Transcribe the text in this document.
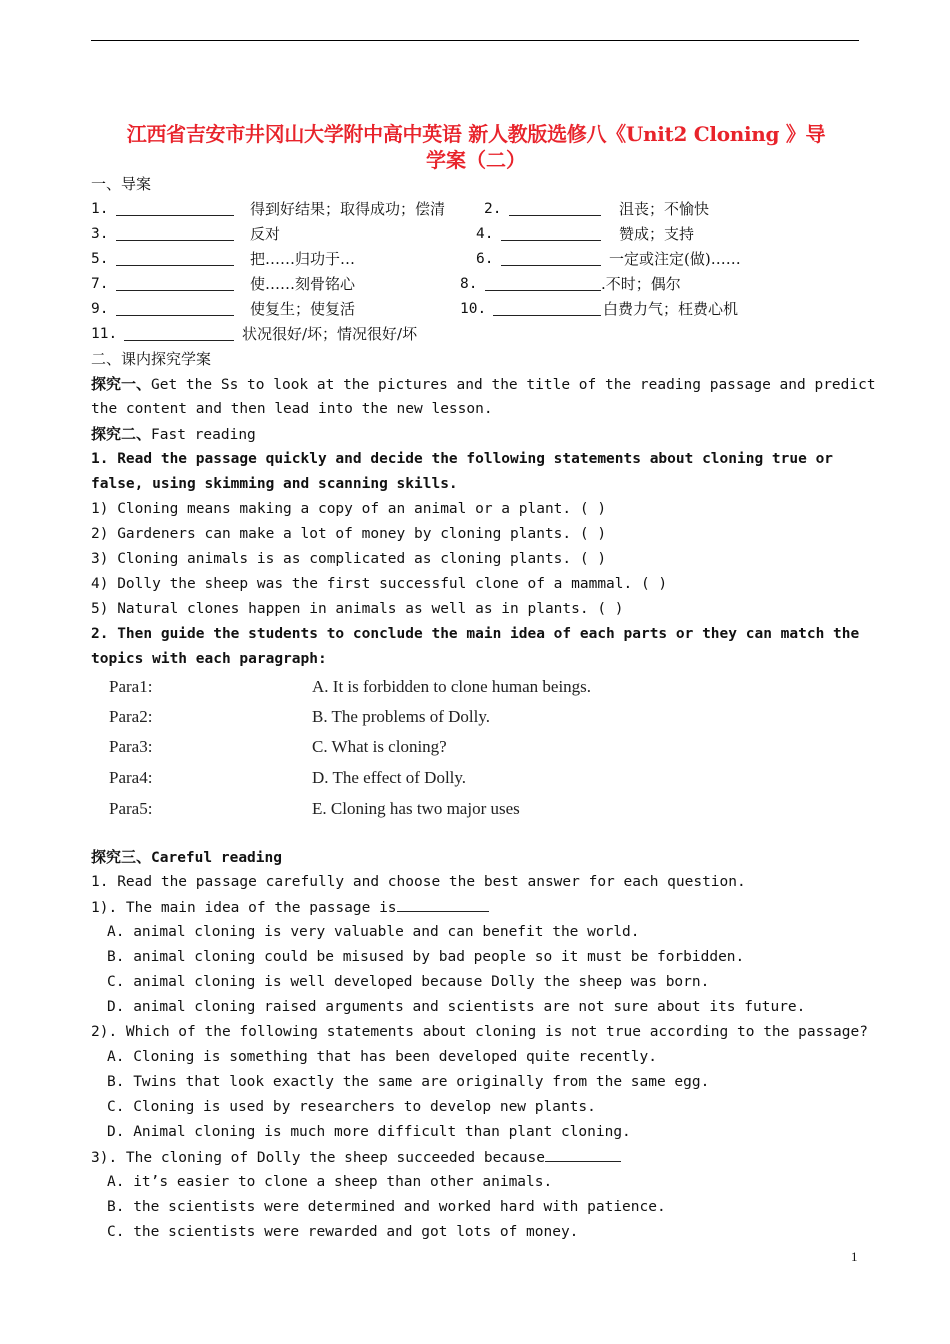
江西省吉安市井冈山大学附中高中英语 新人教版选修八《Unit2 Cloning 》导
学案（二）
一、导案
1.	得到好结果；取得成功；偿清	2.	沮丧；不愉快
3.	反对	4.	赞成；支持
5.	把……归功于…	6.	一定或注定(做)……
7.	使……刻骨铭心	8.	.不时；偶尔
9.	使复生；使复活	10.	白费力气；枉费心机
11.	状况很好/坏；情况很好/坏
二、课内探究学案
探究一、Get the Ss to look at the pictures and the title of the reading passage and predict
the content and then lead into the new lesson.
探究二、Fast reading
1. Read the passage quickly and decide the following statements about cloning true or
false, using skimming and scanning skills.
1) Cloning means making a copy of an animal or a plant. ( )
2) Gardeners can make a lot of money by cloning plants. ( )
3) Cloning animals is as complicated as cloning plants. ( )
4) Dolly the sheep was the first successful clone of a mammal. ( )
5) Natural clones happen in animals as well as in plants. ( )
2. Then guide the students to conclude the main idea of each parts or they can match the
topics with each paragraph:
Para1:	A. It is forbidden to clone human beings.
Para2:	B. The problems of Dolly.
Para3:	C. What is cloning?
Para4:	D. The effect of Dolly.
Para5:	E. Cloning has two major uses
探究三、Careful reading
1. Read the passage carefully and choose the best answer for each question.
1). The main idea of the passage is
A. animal cloning is very valuable and can benefit the world.
B. animal cloning could be misused by bad people so it must be forbidden.
C. animal cloning is well developed because Dolly the sheep was born.
D. animal cloning raised arguments and scientists are not sure about its future.
2). Which of the following statements about cloning is not true according to the passage?
A. Cloning is something that has been developed quite recently.
B. Twins that look exactly the same are originally from the same egg.
C. Cloning is used by researchers to develop new plants.
D. Animal cloning is much more difficult than plant cloning.
3). The cloning of Dolly the sheep succeeded because
A. it’s easier to clone a sheep than other animals.
B. the scientists were determined and worked hard with patience.
C. the scientists were rewarded and got lots of money.
1
